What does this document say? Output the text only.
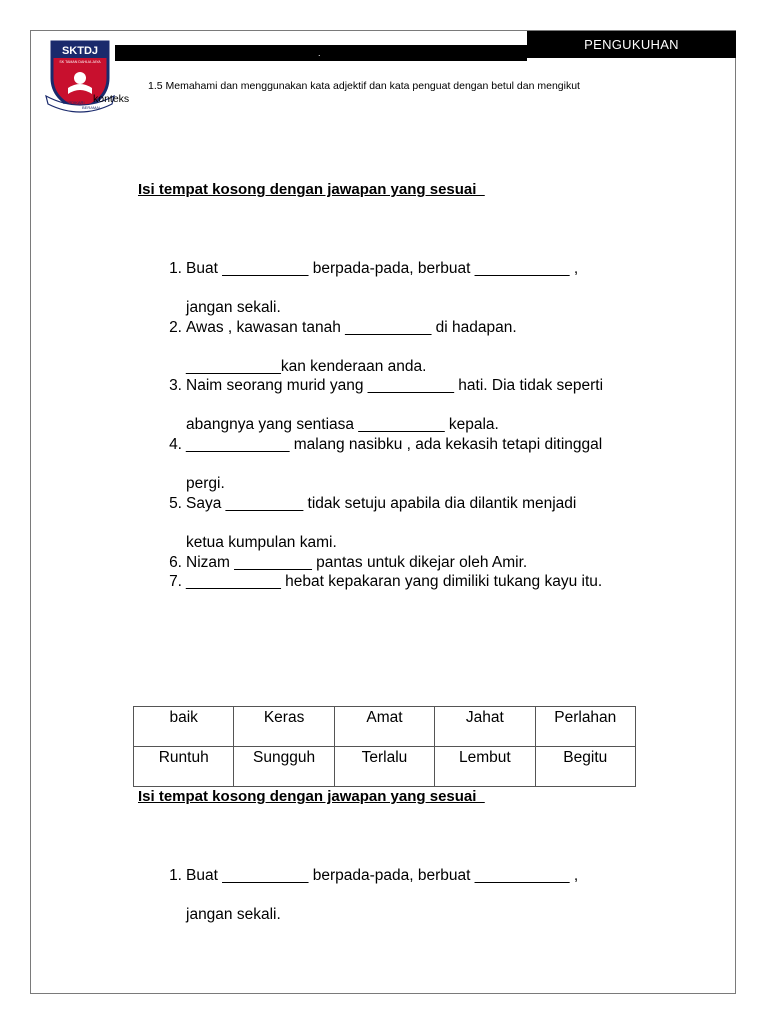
SKTDJ
SK TAMAN DAHLIA JAYA
BERDIKARI
BERAMAL
.
PENGUKUHAN
1.5 Memahami dan menggunakan kata adjektif dan kata penguat dengan betul dan mengikut
konteks
Isi tempat kosong dengan jawapan yang sesuai
1. Buat __________ berpada-pada, berbuat ___________ ,
jangan sekali.
2. Awas , kawasan tanah __________ di hadapan.
___________kan kenderaan anda.
3. Naim seorang murid yang __________ hati. Dia tidak seperti
abangnya yang sentiasa __________ kepala.
4. ____________ malang nasibku , ada kekasih tetapi ditinggal
pergi.
5. Saya _________ tidak setuju apabila dia dilantik menjadi
ketua kumpulan kami.
6. Nizam _________ pantas untuk dikejar oleh Amir.
7. ___________ hebat kepakaran yang dimiliki tukang kayu itu.
baik	Keras	Amat	Jahat	Perlahan
Runtuh	Sungguh	Terlalu	Lembut	Begitu
Isi tempat kosong dengan jawapan yang sesuai
1. Buat __________ berpada-pada, berbuat ___________ ,
jangan sekali.
